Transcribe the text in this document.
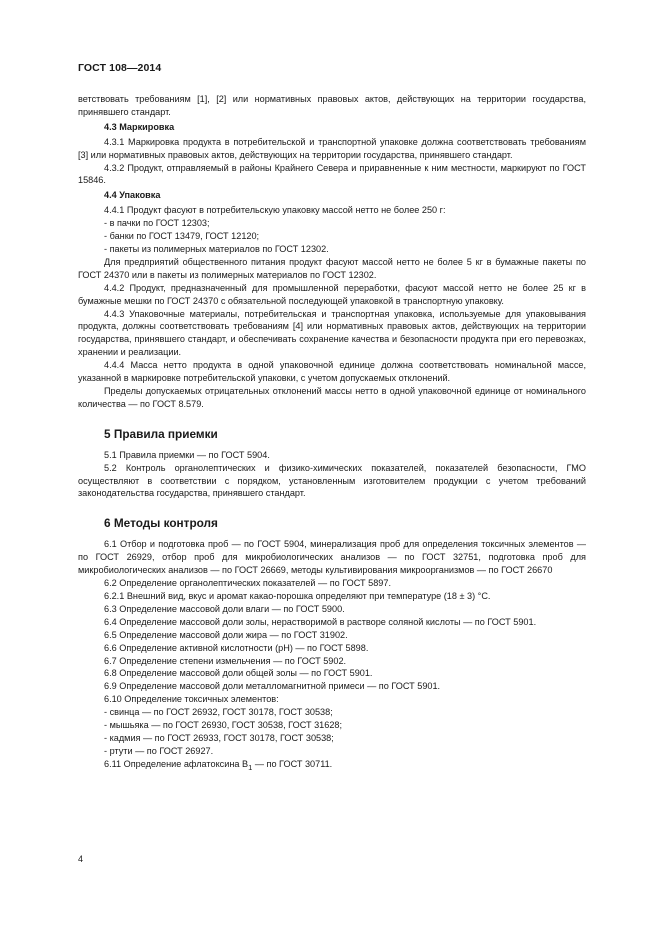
ГОСТ 108—2014

ветствовать требованиям [1], [2] или нормативных правовых актов, действующих на территории государства, принявшего стандарт.

4.3 Маркировка

4.3.1 Маркировка продукта в потребительской и транспортной упаковке должна соответствовать требованиям [3] или нормативных правовых актов, действующих на территории государства, принявшего стандарт.

4.3.2 Продукт, отправляемый в районы Крайнего Севера и приравненные к ним местности, маркируют по ГОСТ 15846.

4.4 Упаковка

4.4.1 Продукт фасуют в потребительскую упаковку массой нетто не более 250 г:

- в пачки по ГОСТ 12303;

- банки по ГОСТ 13479, ГОСТ 12120;

- пакеты из полимерных материалов по ГОСТ 12302.

Для предприятий общественного питания продукт фасуют массой нетто не более 5 кг в бумажные пакеты по ГОСТ 24370 или в пакеты из полимерных материалов по ГОСТ 12302.

4.4.2 Продукт, предназначенный для промышленной переработки, фасуют массой нетто не более 25 кг в бумажные мешки по ГОСТ 24370 с обязательной последующей упаковкой в транспортную упаковку.

4.4.3 Упаковочные материалы, потребительская и транспортная упаковка, используемые для упаковывания продукта, должны соответствовать требованиям [4] или нормативных правовых актов, действующих на территории государства, принявшего стандарт, и обеспечивать сохранение качества и безопасности продукта при его перевозках, хранении и реализации.

4.4.4 Масса нетто продукта в одной упаковочной единице должна соответствовать номинальной массе, указанной в маркировке потребительской упаковки, с учетом допускаемых отклонений.

Пределы допускаемых отрицательных отклонений массы нетто в одной упаковочной единице от номинального количества — по ГОСТ 8.579.

5 Правила приемки

5.1 Правила приемки — по ГОСТ 5904.

5.2 Контроль органолептических и физико-химических показателей, показателей безопасности, ГМО осуществляют в соответствии с порядком, установленным изготовителем продукции с учетом требований законодательства государства, принявшего стандарт.

6 Методы контроля

6.1 Отбор и подготовка проб — по ГОСТ 5904, минерализация проб для определения токсичных элементов — по ГОСТ 26929, отбор проб для микробиологических анализов — по ГОСТ 32751, подготовка проб для микробиологических анализов — по ГОСТ 26669, методы культивирования микроорганизмов — по ГОСТ 26670

6.2 Определение органолептических показателей — по ГОСТ 5897.

6.2.1 Внешний вид, вкус и аромат какао-порошка определяют при температуре (18 ± 3) °С.

6.3 Определение массовой доли влаги — по ГОСТ 5900.

6.4 Определение массовой доли золы, нерастворимой в растворе соляной кислоты — по ГОСТ 5901.

6.5 Определение массовой доли жира — по ГОСТ 31902.

6.6 Определение активной кислотности (pH) — по ГОСТ 5898.

6.7 Определение степени измельчения — по ГОСТ 5902.

6.8 Определение массовой доли общей золы — по ГОСТ 5901.

6.9 Определение массовой доли металломагнитной примеси — по ГОСТ 5901.

6.10 Определение токсичных элементов:

- свинца — по ГОСТ 26932, ГОСТ 30178, ГОСТ 30538;

- мышьяка — по ГОСТ 26930, ГОСТ 30538, ГОСТ 31628;

- кадмия — по ГОСТ 26933, ГОСТ 30178, ГОСТ 30538;

- ртути — по ГОСТ 26927.

6.11 Определение афлатоксина $В_1$ — по ГОСТ 30711.

4
